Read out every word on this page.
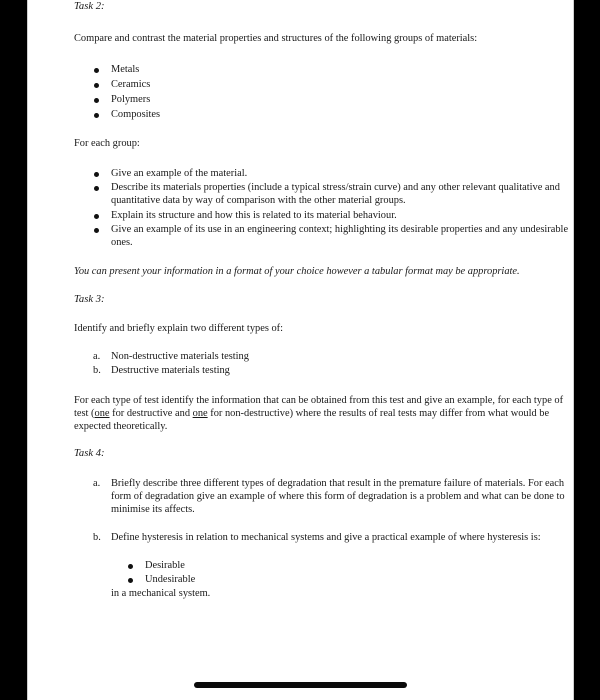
Task 2:

Compare and contrast the material properties and structures of the following groups of materials:

Metals
Ceramics
Polymers
Composites

For each group:

Give an example of the material.
Describe its materials properties (include a typical stress/strain curve) and any other relevant qualitative and quantitative data by way of comparison with the other material groups.
Explain its structure and how this is related to its material behaviour.
Give an example of its use in an engineering context; highlighting its desirable properties and any undesirable ones.

You can present your information in a format of your choice however a tabular format may be appropriate.

Task 3:

Identify and briefly explain two different types of:

a. Non-destructive materials testing
b. Destructive materials testing

For each type of test identify the information that can be obtained from this test and give an example, for each type of test (one for destructive and one for non-destructive) where the results of real tests may differ from what would be expected theoretically.

Task 4:
a. Briefly describe three different types of degradation that result in the premature failure of materials. For each form of degradation give an example of where this form of degradation is a problem and what can be done to minimise its affects.
b. Define hysteresis in relation to mechanical systems and give a practical example of where hysteresis is:
Desirable
Undesirable

in a mechanical system.
